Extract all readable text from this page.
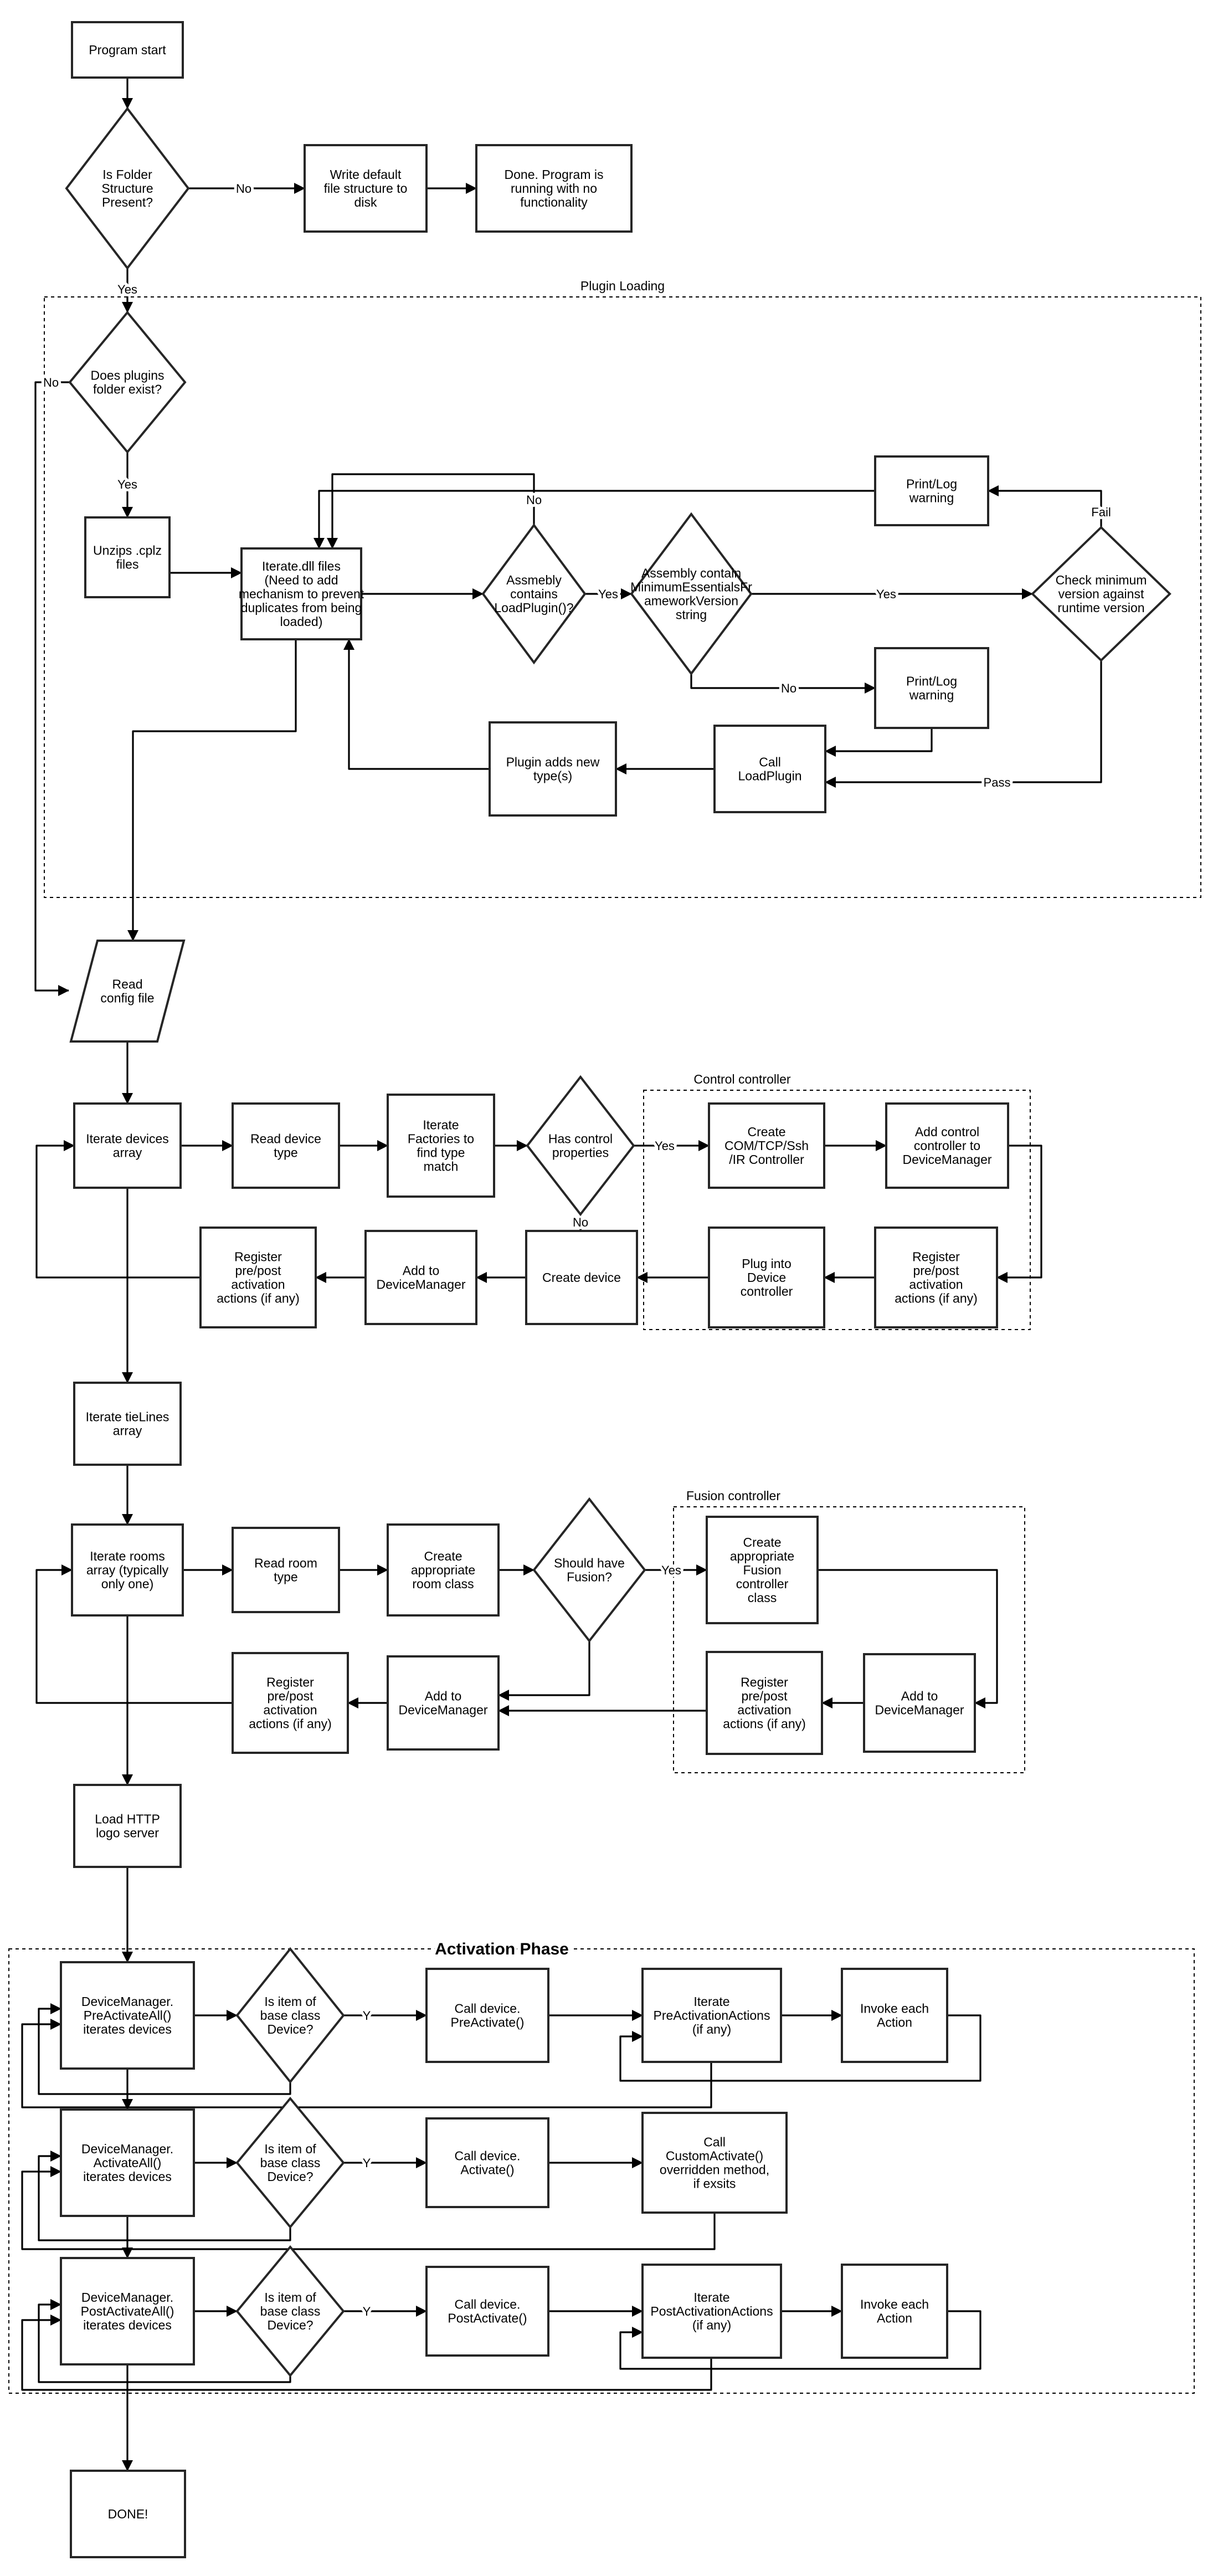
Plugin Loading
Control controller
Fusion controller
Activation Phase
No
Yes
No
Yes
No
Yes	Yes
Fail
No
Pass
Yes
No
Yes
Y
Y
Y
Program start
Is Folder Structure Present?
Write default file structure to disk
Done. Program is running with no functionality
Does plugins folder exist?
Unzips .cplz files	Iterate.dll files (Need to add mechanism to prevent duplicates from being loaded)
Assmebly contains LoadPlugin()?
Assembly contain MinimumEssentialsFr ameworkVersion string
Check minimum version against runtime version
Print/Log warning
Print/Log warning
Call LoadPlugin
Plugin adds new type(s)
Read config file
Iterate devices array
Read device type
Iterate Factories to find type match
Has control properties
Create COM/TCP/Ssh /IR Controller
Add control controller to DeviceManager
Register pre/post activation actions (if any)
Plug into Device controller
Create device
Add to DeviceManager
Register pre/post activation actions (if any)
Iterate tieLines array
Iterate rooms array (typically only one)
Read room type
Create appropriate room class
Should have Fusion?
Create appropriate Fusion controller class
Add to DeviceManager
Register pre/post activation actions (if any)
Add to DeviceManager
Register pre/post activation actions (if any)
Load HTTP logo server
DeviceManager. PreActivateAll() iterates devices
Is item of base class Device?
Call device. PreActivate()
Iterate PreActivationActions (if any)
Invoke each Action
DeviceManager. ActivateAll() iterates devices
Is item of base class Device?
Call device. Activate()
Call CustomActivate() overridden method, if exsits
DeviceManager. PostActivateAll() iterates devices
Is item of base class Device?
Call device. PostActivate()
Iterate PostActivationActions (if any)
Invoke each Action
DONE!
